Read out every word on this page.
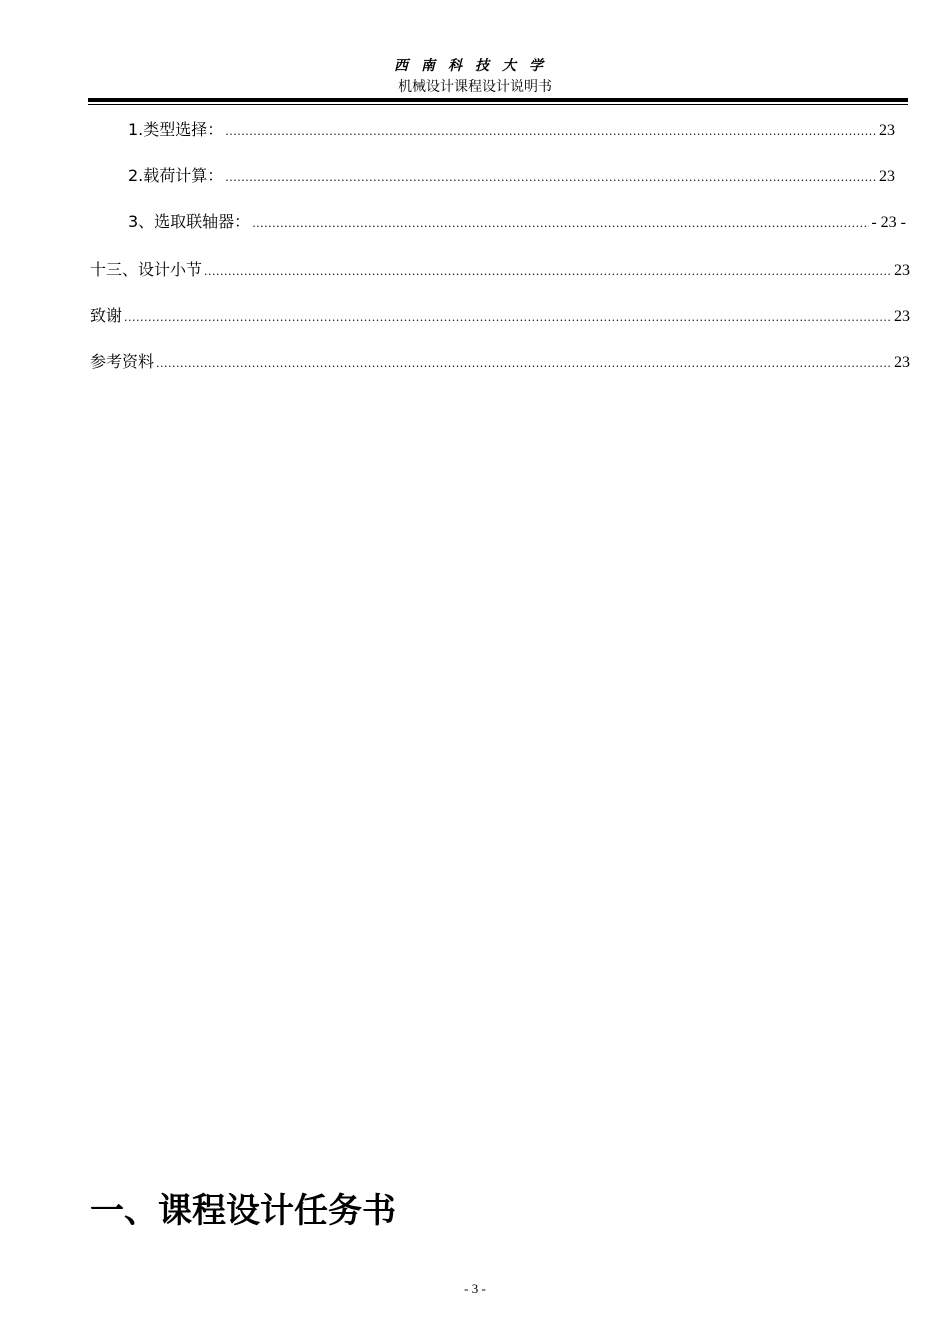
西南科技大学
机械设计课程设计说明书
1.类型选择： .....	23
2.载荷计算： .....	23
3、选取联轴器： .....	- 23 -
十三、设计小节 .....	23
致谢 .....	23
参考资料 .....	23
一、课程设计任务书
- 3 -
